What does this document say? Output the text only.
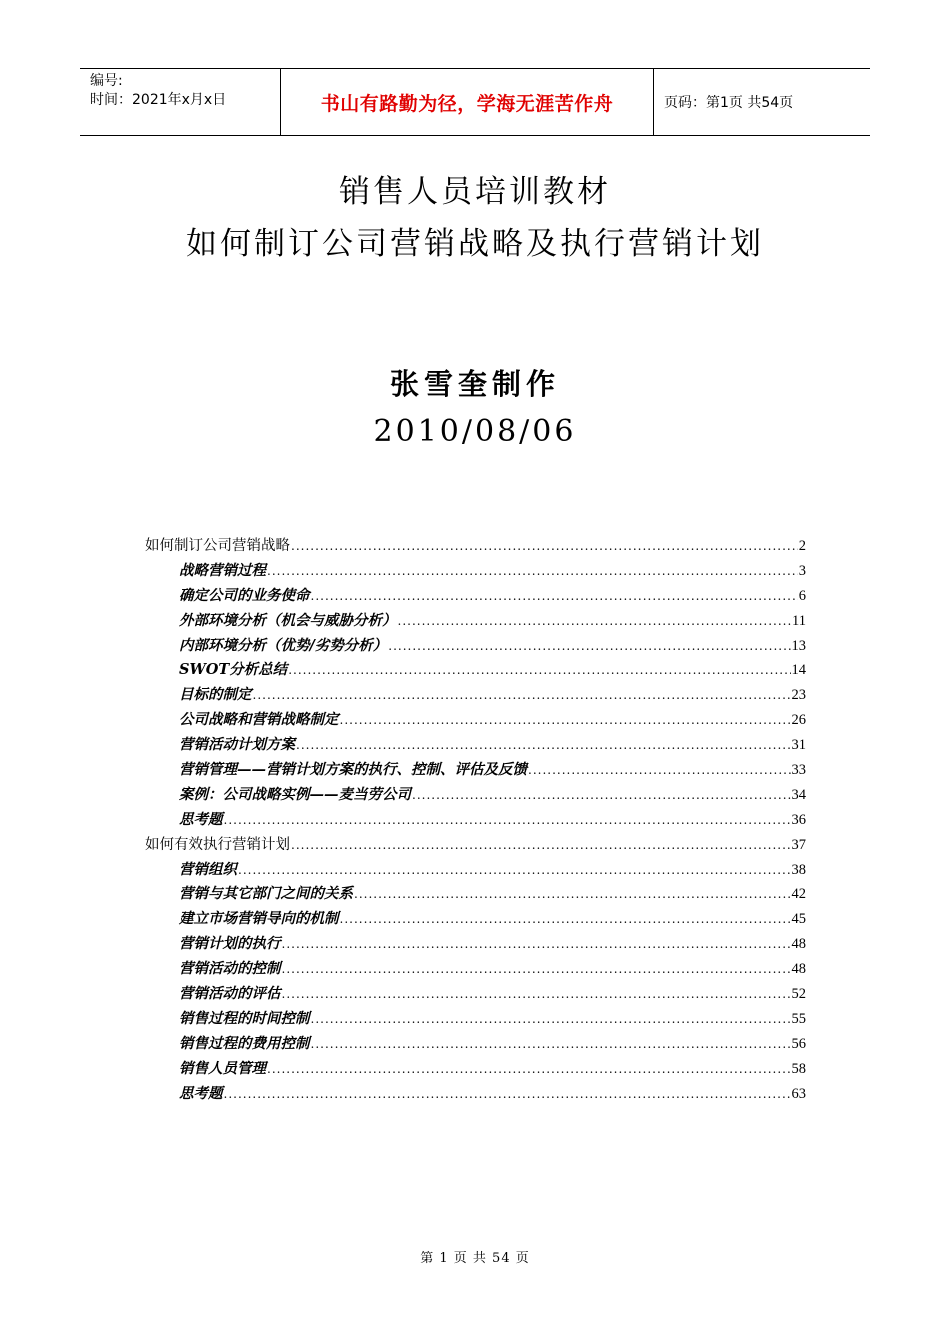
编号:
时间：2021年x月x日	书山有路勤为径，学海无涯苦作舟	页码：第1页 共54页
销售人员培训教材
如何制订公司营销战略及执行营销计划
张雪奎制作
2010/08/06
如何制订公司营销战略 .....	2
战略营销过程 .....	3
确定公司的业务使命 .....	6
外部环境分析（机会与威胁分析） .....	11
内部环境分析（优势/劣势分析） .....	13
SWOT分析总结 .....	14
目标的制定 .....	23
公司战略和营销战略制定 .....	26
营销活动计划方案 .....	31
营销管理——营销计划方案的执行、控制、评估及反馈 .....	33
案例：公司战略实例——麦当劳公司 .....	34
思考题 .....	36
如何有效执行营销计划 .....	37
营销组织 .....	38
营销与其它部门之间的关系 .....	42
建立市场营销导向的机制 .....	45
营销计划的执行 .....	48
营销活动的控制 .....	48
营销活动的评估 .....	52
销售过程的时间控制 .....	55
销售过程的费用控制 .....	56
销售人员管理 .....	58
思考题 .....	63
第 1 页 共 54 页
